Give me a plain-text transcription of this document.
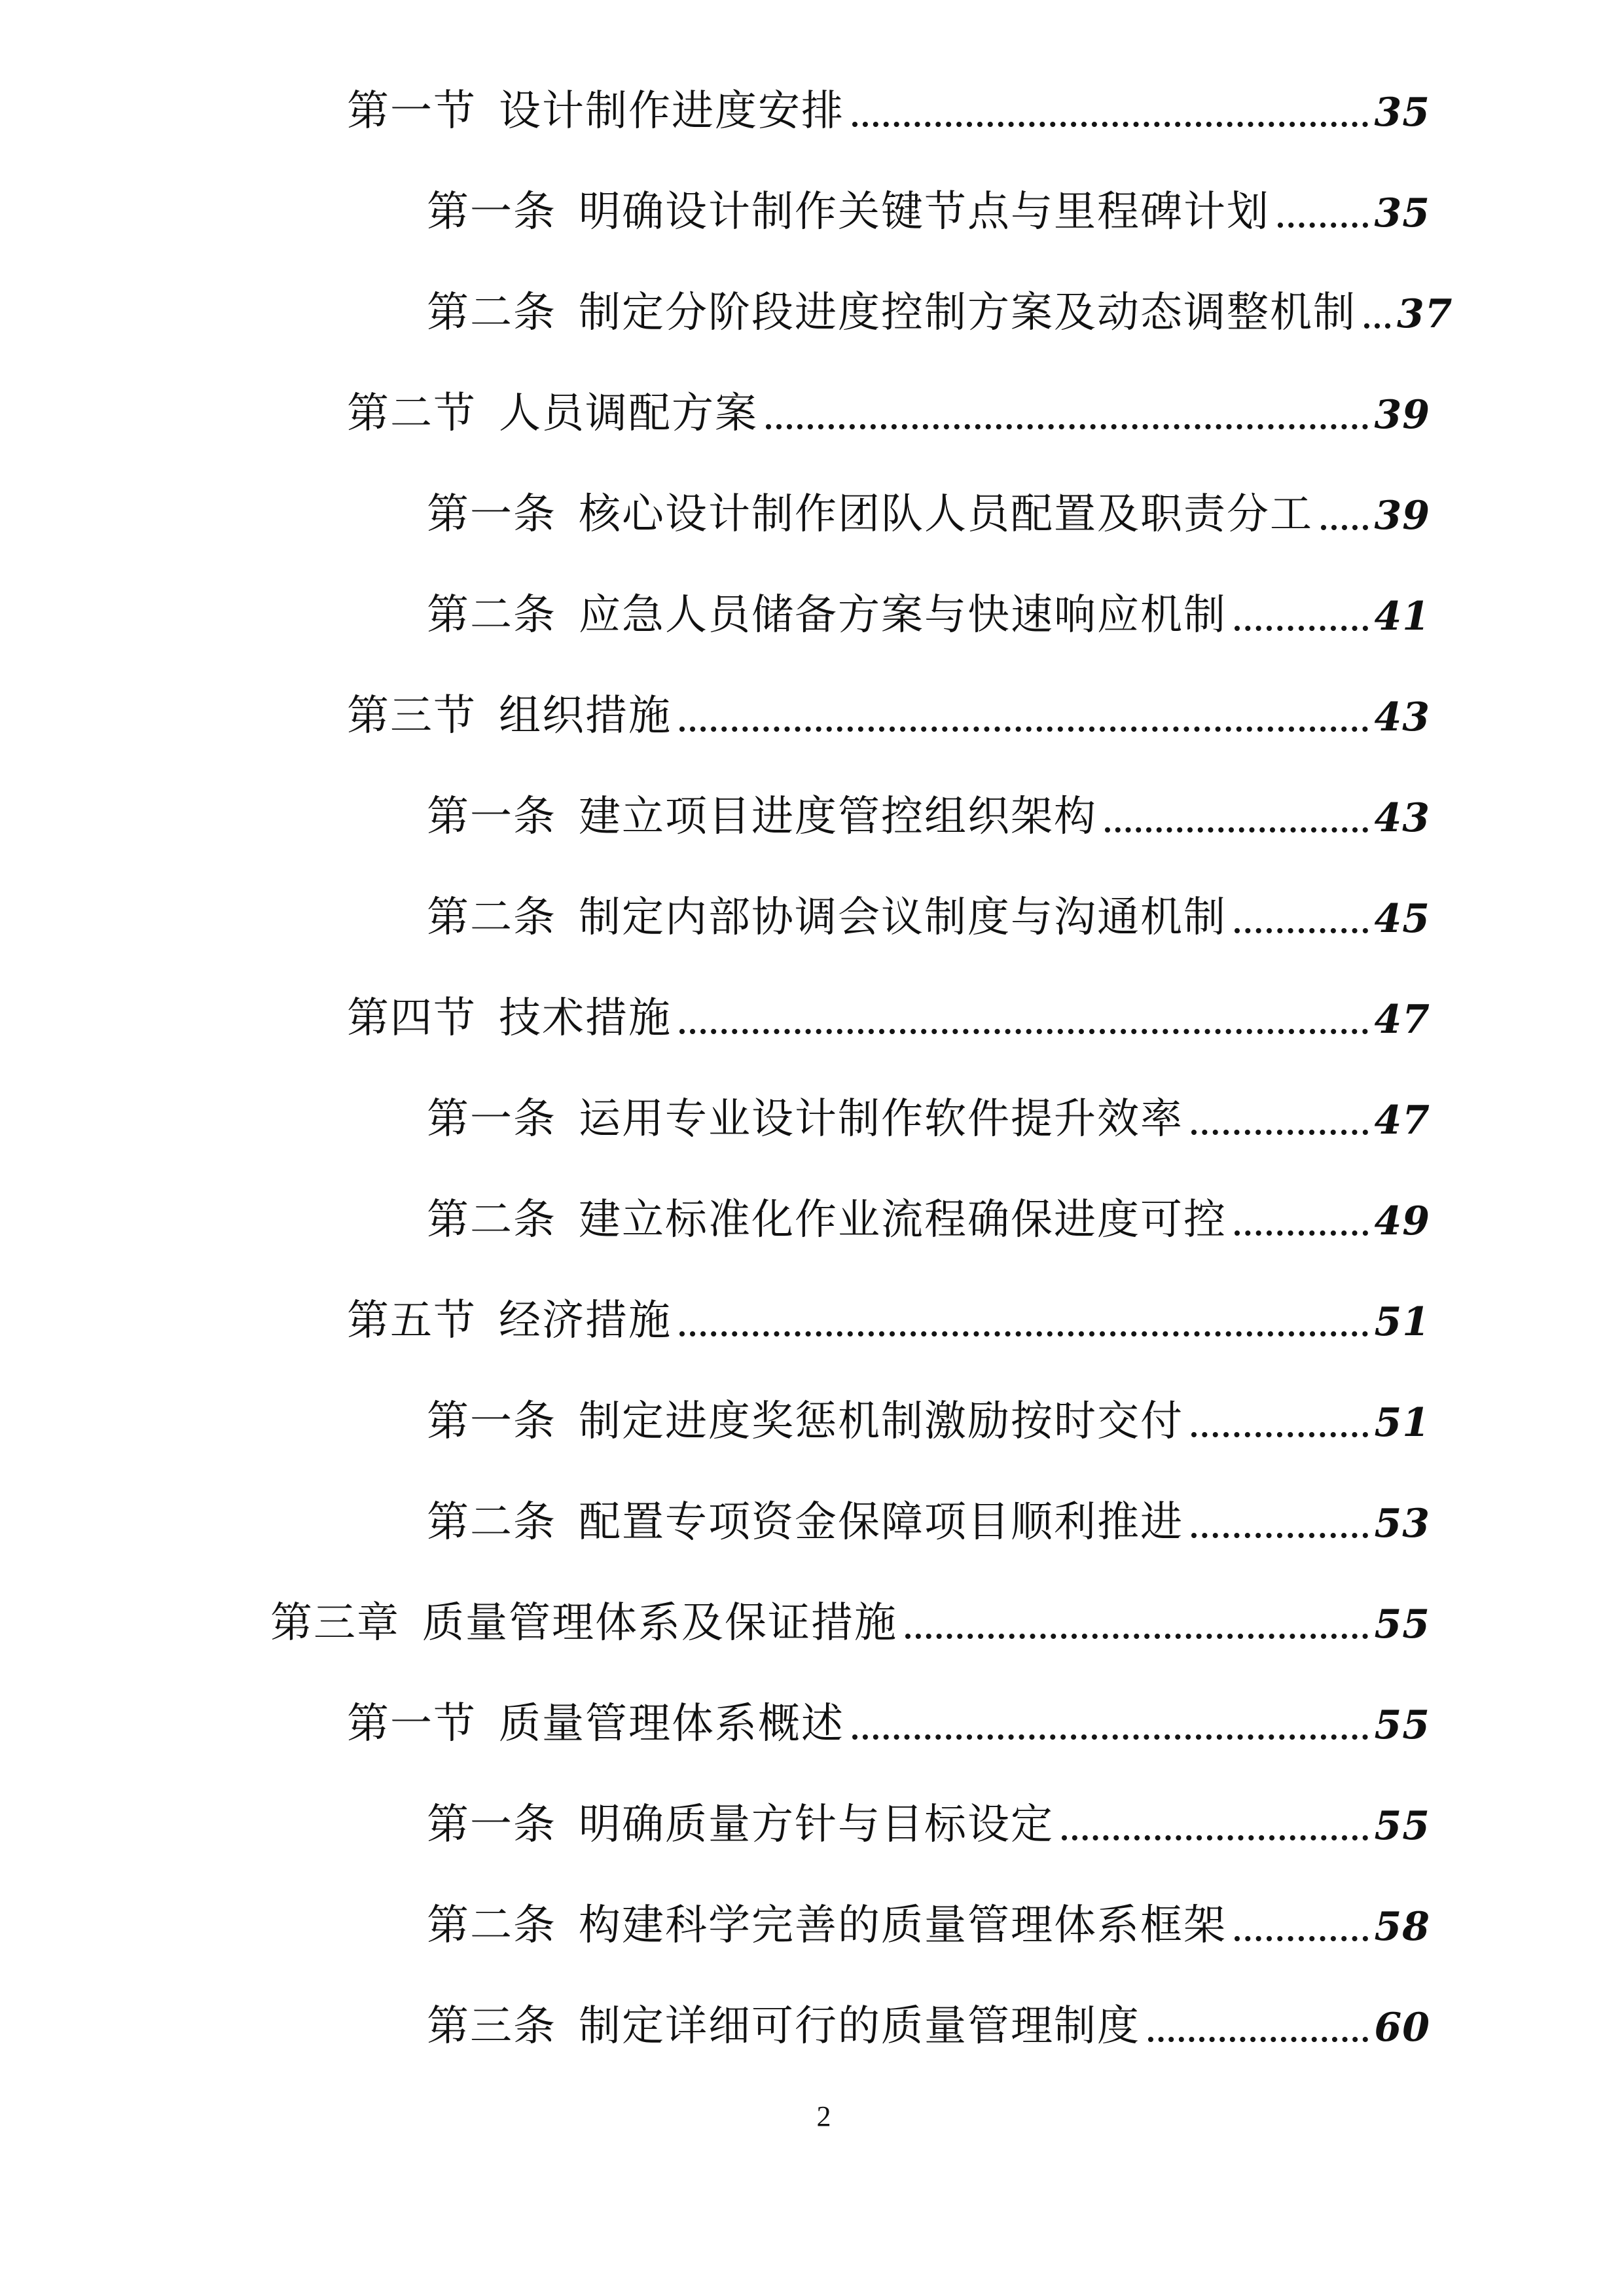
第一节 设计制作进度安排	35
第一条 明确设计制作关键节点与里程碑计划	35
第二条 制定分阶段进度控制方案及动态调整机制 37
第二节 人员调配方案	39
第一条 核心设计制作团队人员配置及职责分工 39
第二条 应急人员储备方案与快速响应机制	41
第三节 组织措施	43
第一条 建立项目进度管控组织架构	43
第二条 制定内部协调会议制度与沟通机制	45
第四节 技术措施	47
第一条 运用专业设计制作软件提升效率	47
第二条 建立标准化作业流程确保进度可控	49
第五节 经济措施	51
第一条 制定进度奖惩机制激励按时交付	51
第二条 配置专项资金保障项目顺利推进	53
第三章 质量管理体系及保证措施	55
第一节 质量管理体系概述	55
第一条 明确质量方针与目标设定	55
第二条 构建科学完善的质量管理体系框架	58
第三条 制定详细可行的质量管理制度	60
2
